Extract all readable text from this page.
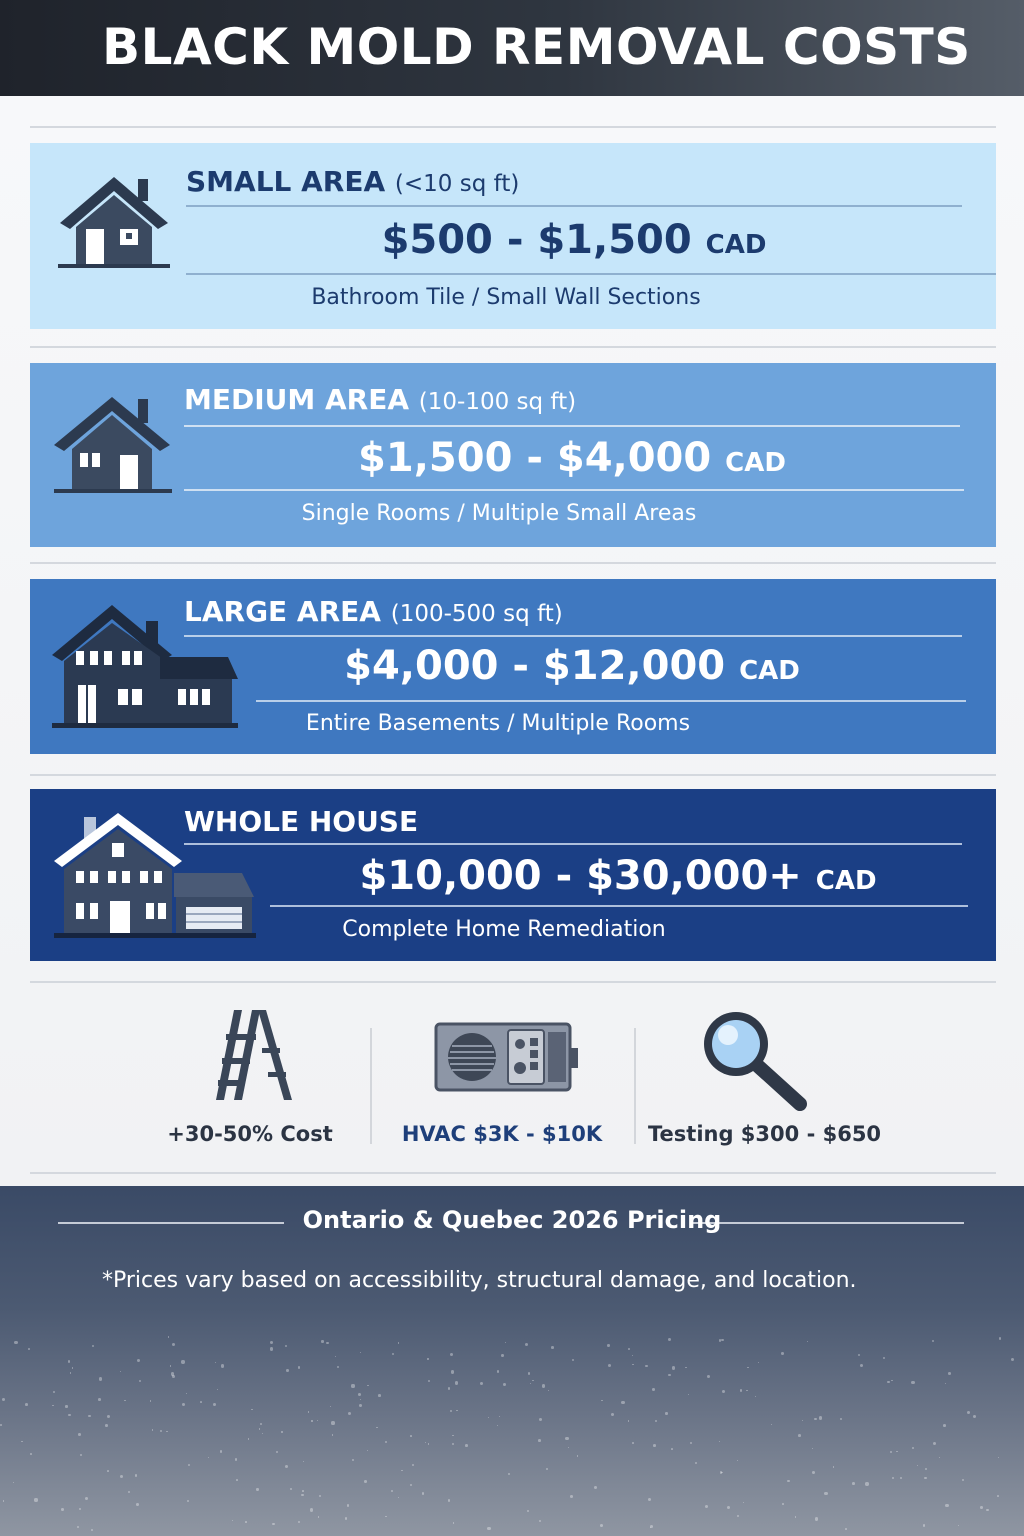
BLACK MOLD REMOVAL COSTS
SMALL AREA (<10 sq ft)
$500 - $1,500 CAD
Bathroom Tile / Small Wall Sections
MEDIUM AREA (10-100 sq ft)
$1,500 - $4,000 CAD
Single Rooms / Multiple Small Areas
LARGE AREA (100-500 sq ft)
$4,000 - $12,000 CAD
Entire Basements / Multiple Rooms
WHOLE HOUSE
$10,000 - $30,000+ CAD
Complete Home Remediation
+30-50% Cost	HVAC $3K - $10K	Testing $300 - $650
Ontario & Quebec 2026 Pricing
*Prices vary based on accessibility, structural damage, and location.
